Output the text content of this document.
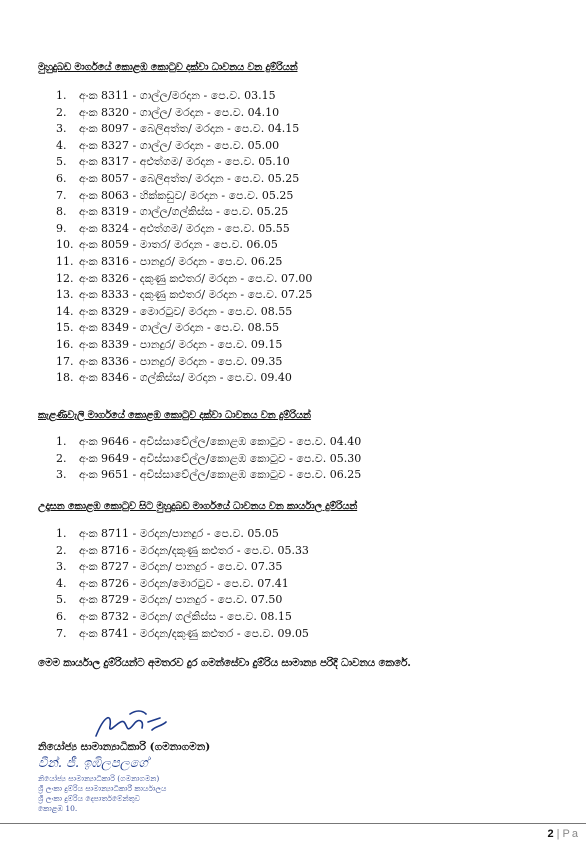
මුහුදුබඩ මාර්ගයේ කොළඹ කොටුව දක්වා ධාවනය වන දුම්රියන්
1.	අංක 8311 - ගාල්ල/මරදාන - පෙ.ව. 03.15
2.	අංක 8320 - ගාල්ල/ මරදාන - පෙ.ව. 04.10
3.	අංක 8097 - බෙලිඅත්ත/ මරදාන - පෙ.ව. 04.15
4.	අංක 8327 - ගාල්ල/ මරදාන - පෙ.ව. 05.00
5.	අංක 8317 - අළුත්ගම/ මරදාන - පෙ.ව. 05.10
6.	අංක 8057 - බෙලිඅත්ත/ මරදාන - පෙ.ව. 05.25
7.	අංක 8063 - හික්කඩුව/ මරදාන - පෙ.ව. 05.25
8.	අංක 8319 - ගාල්ල/ගල්කිස්ස - පෙ.ව. 05.25
9.	අංක 8324 - අළුත්ගම/ මරදාන - පෙ.ව. 05.55
10. අංක 8059 - මාතර/ මරදාන - පෙ.ව. 06.05
11. අංක 8316 - පානදුර/ මරදාන - පෙ.ව. 06.25
12. අංක 8326 - දකුණු කළුතර/ මරදාන - පෙ.ව. 07.00
13. අංක 8333 - දකුණු කළුතර/ මරදාන - පෙ.ව. 07.25
14. අංක 8329 - මොරටුව/ මරදාන - පෙ.ව. 08.55
15. අංක 8349 - ගාල්ල/ මරදාන - පෙ.ව. 08.55
16. අංක 8339 - පානදුර/ මරදාන - පෙ.ව. 09.15
17. අංක 8336 - පානදුර/ මරදාන - පෙ.ව. 09.35
18. අංක 8346 - ගල්කිස්ස/ මරදාන - පෙ.ව. 09.40
කැළණිවැලි මාර්ගයේ කොළඹ කොටුව දක්වා ධාවනය වන දුම්රියන්
1.	අංක 9646 - අවිස්සාවේල්ල/කොළඹ කොටුව - පෙ.ව. 04.40
2.	අංක 9649 - අවිස්සාවේල්ල/කොළඹ කොටුව - පෙ.ව. 05.30
3.	අංක 9651 - අවිස්සාවේල්ල/කොළඹ කොටුව - පෙ.ව. 06.25
උදෑසන කොළඹ කොටුව සිට මුහුදුබඩ මාර්ගයේ ධාවනය වන කාර්යාල දුම්රියන්
1.	අංක 8711 - මරදාන/පානදුර - පෙ.ව. 05.05
2.	අංක 8716 - මරදාන/දකුණු කළුතර - පෙ.ව. 05.33
3.	අංක 8727 - මරදාන/ පානදුර - පෙ.ව. 07.35
4.	අංක 8726 - මරදාන/මොරටුව - පෙ.ව. 07.41
5.	අංක 8729 - මරදාන/ පානදුර - පෙ.ව. 07.50
6.	අංක 8732 - මරදාන/ ගල්කිස්ස - පෙ.ව. 08.15
7.	අංක 8741 - මරදාන/දකුණු කළුතර - පෙ.ව. 09.05
මෙම කාර්යාල දුම්රියන්ට අමතරව දුර ගමන්සේවා දුම්රිය සාමාන්‍ය පරිදි ධාවනය කෙරේ.
නියෝජ්‍ය සාමාන්‍යාධිකාරි (ගමනාගමන)
වීන්. ජී. ඉඹිලපලගේ
නියෝජ්‍ය සාමාන්‍යාධිකාරි (ගමනාගමන)
ශ්‍රී ලංකා දුම්රිය සාමාන්‍යාධිකාරී කාර්යාලය
ශ්‍රී ලංකා දුම්රිය දෙපාර්තමේන්තුව
කොළඹ 10.
2 | Pa
